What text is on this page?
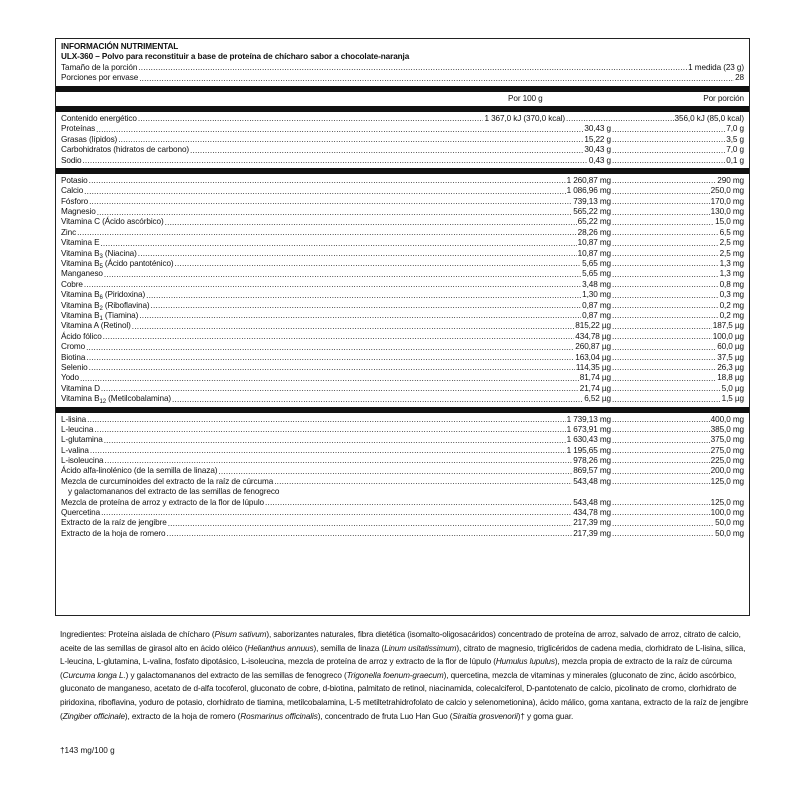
INFORMACIÓN NUTRIMENTAL
ULX-360 – Polvo para reconstituir a base de proteína de chícharo sabor a chocolate-naranja
Tamaño de la porción .....	1 medida (23 g)
Porciones por envase .....	28
Por 100 g	Por porción
Contenido energético .....	1 367,0 kJ (370,0 kcal) .....	356,0 kJ (85,0 kcal)
Proteínas .....	30,43 g .....	7,0 g
Grasas (lípidos) .....	15,22 g .....	3,5 g
Carbohidratos (hidratos de carbono) .....	30,43 g .....	7,0 g
Sodio .....	0,43 g .....	0,1 g
Potasio .....	1 260,87 mg .....	290 mg
Calcio .....	1 086,96 mg .....	250,0 mg
Fósforo .....	739,13 mg .....	170,0 mg
Magnesio .....	565,22 mg .....	130,0 mg
Vitamina C (Ácido ascórbico) .....	65,22 mg .....	15,0 mg
Zinc .....	28,26 mg .....	6,5 mg
Vitamina E .....	10,87 mg .....	2,5 mg
Vitamina $B_3$ (Niacina) .....	10,87 mg .....	2,5 mg
Vitamina $B_5$ (Ácido pantoténico) .....	5,65 mg .....	1,3 mg
Manganeso .....	5,65 mg .....	1,3 mg
Cobre .....	3,48 mg .....	0,8 mg
Vitamina $B_6$ (Piridoxina) .....	1,30 mg .....	0,3 mg
Vitamina $B_2$ (Riboflavina) .....	0,87 mg .....	0,2 mg
Vitamina $B_1$ (Tiamina) .....	0,87 mg .....	0,2 mg
Vitamina A (Retinol) .....	815,22 µg .....	187,5 µg
Ácido fólico .....	434,78 µg .....	100,0 µg
Cromo .....	260,87 µg .....	60,0 µg
Biotina .....	163,04 µg .....	37,5 µg
Selenio .....	114,35 µg .....	26,3 µg
Yodo .....	81,74 µg .....	18,8 µg
Vitamina D .....	21,74 µg .....	5,0 µg
Vitamina $B_{12}$ (Metilcobalamina) .....	6,52 µg .....	1,5 µg
L-lisina .....	1 739,13 mg .....	400,0 mg
L-leucina .....	1 673,91 mg .....	385,0 mg
L-glutamina .....	1 630,43 mg .....	375,0 mg
L-valina .....	1 195,65 mg .....	275,0 mg
L-isoleucina .....	978,26 mg .....	225,0 mg
Ácido alfa-linolénico (de la semilla de linaza) .....	869,57 mg .....	200,0 mg
Mezcla de curcuminoides del extracto de la raíz de cúrcuma .....	543,48 mg .....	125,0 mg
y galactomananos del extracto de las semillas de fenogreco
Mezcla de proteína de arroz y extracto de la flor de lúpulo .....	543,48 mg .....	125,0 mg
Quercetina .....	434,78 mg .....	100,0 mg
Extracto de la raíz de jengibre .....	217,39 mg .....	50,0 mg
Extracto de la hoja de romero .....	217,39 mg .....	50,0 mg
Ingredientes: Proteína aislada de chícharo (Pisum sativum), saborizantes naturales, fibra dietética (isomalto-oligosacáridos) concentrado de proteína de arroz, salvado de arroz, citrato de calcio, aceite de las semillas de girasol alto en ácido oléico (Helianthus annuus), semilla de linaza (Linum usitatissimum), citrato de magnesio, triglicéridos de cadena media, clorhidrato de L-lisina, sílica, L-leucina, L-glutamina, L-valina, fosfato dipotásico, L-isoleucina, mezcla de proteína de arroz y extracto de la flor de lúpulo (Humulus lupulus), mezcla propia de extracto de la raíz de cúrcuma (Curcuma longa L.) y galactomananos del extracto de las semillas de fenogreco (Trigonella foenum-graecum), quercetina, mezcla de vitaminas y minerales (gluconato de zinc, ácido ascórbico, gluconato de manganeso, acetato de d-alfa tocoferol, gluconato de cobre, d-biotina, palmitato de retinol, niacinamida, colecalciferol, D-pantotenato de calcio, picolinato de cromo, clorhidrato de piridoxina, riboflavina, yoduro de potasio, clorhidrato de tiamina, metilcobalamina, L-5 metiltetrahidrofolato de calcio y selenometionina), ácido málico, goma xantana, extracto de la raíz de jengibre (Zingiber officinale), extracto de la hoja de romero (Rosmarinus officinalis), concentrado de fruta Luo Han Guo (Siraitia grosvenorii)† y goma guar.
†143 mg/100 g
